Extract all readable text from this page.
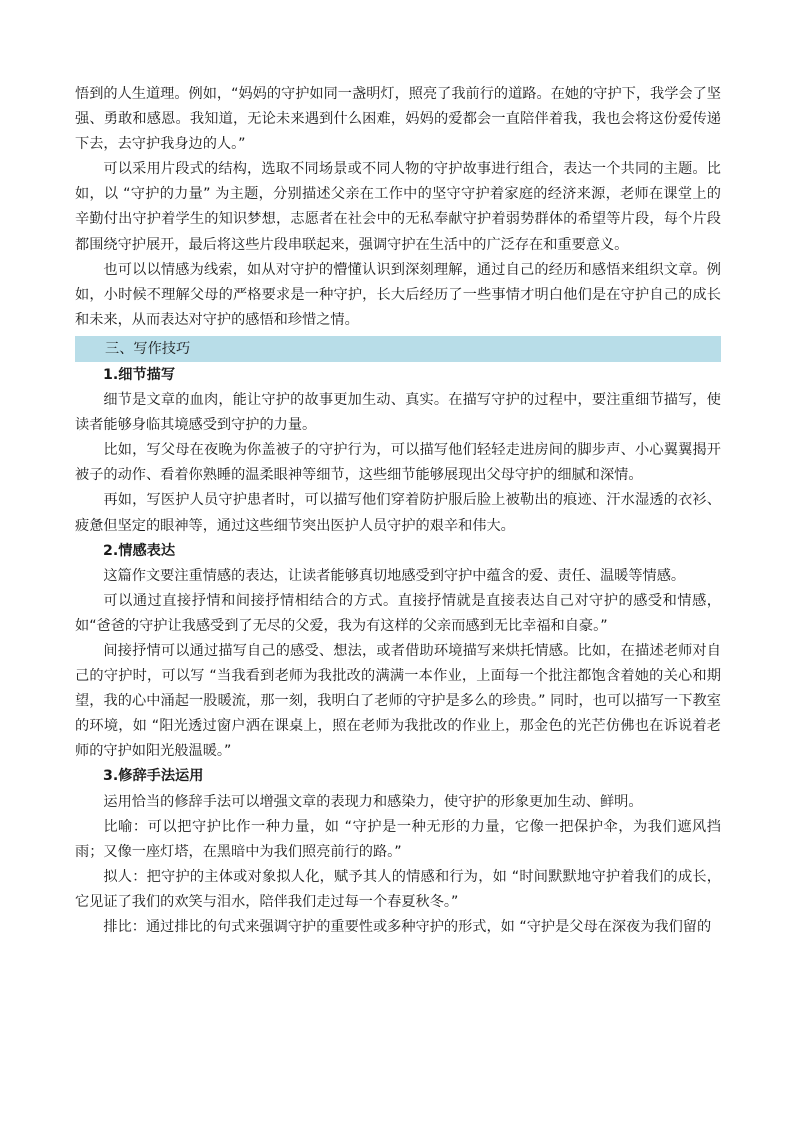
悟到的人生道理。例如，“妈妈的守护如同一盏明灯，照亮了我前行的道路。在她的守护下，我学会了坚强、勇敢和感恩。我知道，无论未来遇到什么困难，妈妈的爱都会一直陪伴着我，我也会将这份爱传递下去，去守护我身边的人。”

可以采用片段式的结构，选取不同场景或不同人物的守护故事进行组合，表达一个共同的主题。比如，以 “守护的力量” 为主题，分别描述父亲在工作中的坚守守护着家庭的经济来源，老师在课堂上的辛勤付出守护着学生的知识梦想，志愿者在社会中的无私奉献守护着弱势群体的希望等片段，每个片段都围绕守护展开，最后将这些片段串联起来，强调守护在生活中的广泛存在和重要意义。

也可以以情感为线索，如从对守护的懵懂认识到深刻理解，通过自己的经历和感悟来组织文章。例如，小时候不理解父母的严格要求是一种守护，长大后经历了一些事情才明白他们是在守护自己的成长和未来，从而表达对守护的感悟和珍惜之情。

三、写作技巧
1.细节描写

细节是文章的血肉，能让守护的故事更加生动、真实。在描写守护的过程中，要注重细节描写，使读者能够身临其境感受到守护的力量。

比如，写父母在夜晚为你盖被子的守护行为，可以描写他们轻轻走进房间的脚步声、小心翼翼揭开被子的动作、看着你熟睡的温柔眼神等细节，这些细节能够展现出父母守护的细腻和深情。

再如，写医护人员守护患者时，可以描写他们穿着防护服后脸上被勒出的痕迹、汗水湿透的衣衫、疲惫但坚定的眼神等，通过这些细节突出医护人员守护的艰辛和伟大。

2.情感表达

这篇作文要注重情感的表达，让读者能够真切地感受到守护中蕴含的爱、责任、温暖等情感。

可以通过直接抒情和间接抒情相结合的方式。直接抒情就是直接表达自己对守护的感受和情感，如“爸爸的守护让我感受到了无尽的父爱，我为有这样的父亲而感到无比幸福和自豪。”

间接抒情可以通过描写自己的感受、想法，或者借助环境描写来烘托情感。比如，在描述老师对自己的守护时，可以写 “当我看到老师为我批改的满满一本作业，上面每一个批注都饱含着她的关心和期望，我的心中涌起一股暖流，那一刻，我明白了老师的守护是多么的珍贵。” 同时，也可以描写一下教室的环境，如 “阳光透过窗户洒在课桌上，照在老师为我批改的作业上，那金色的光芒仿佛也在诉说着老师的守护如阳光般温暖。”

3.修辞手法运用

运用恰当的修辞手法可以增强文章的表现力和感染力，使守护的形象更加生动、鲜明。

比喻：可以把守护比作一种力量，如 “守护是一种无形的力量，它像一把保护伞，为我们遮风挡雨；又像一座灯塔，在黑暗中为我们照亮前行的路。”

拟人：把守护的主体或对象拟人化，赋予其人的情感和行为，如 “时间默默地守护着我们的成长，它见证了我们的欢笑与泪水，陪伴我们走过每一个春夏秋冬。”

排比：通过排比的句式来强调守护的重要性或多种守护的形式，如 “守护是父母在深夜为我们留的
